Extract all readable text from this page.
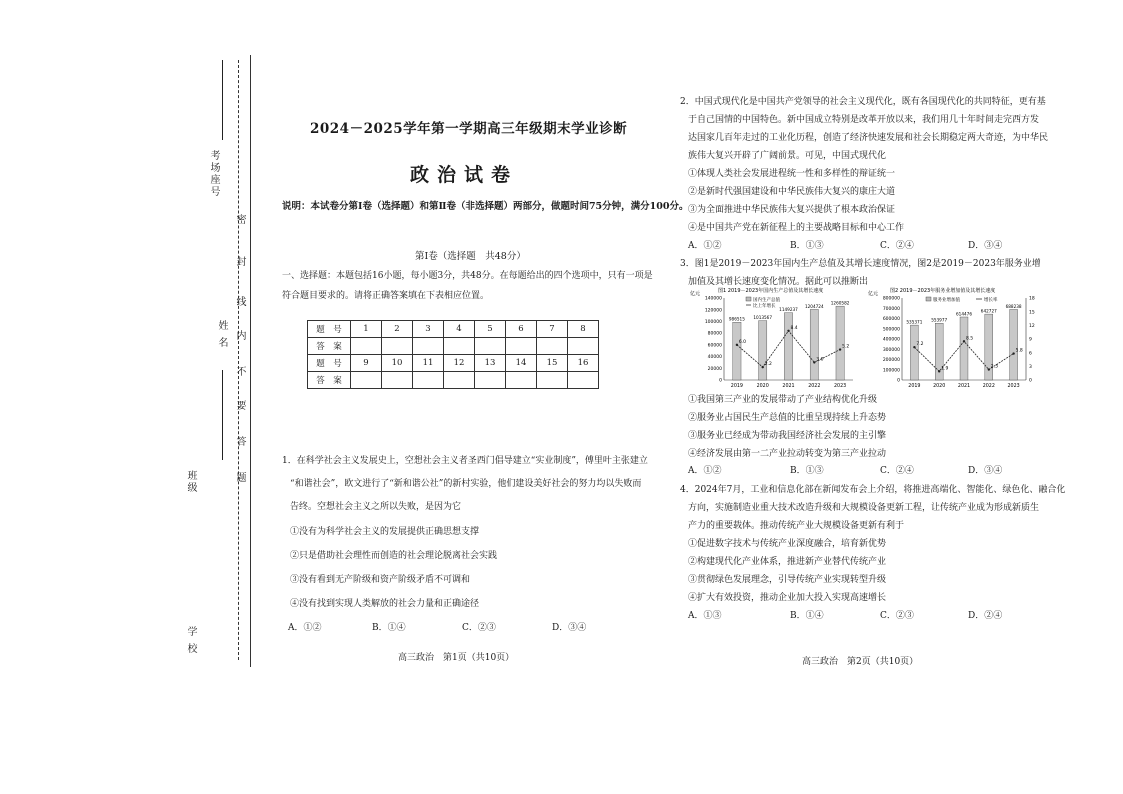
考场座号
姓 名
班级
学 校
密
封
线
内
不
要
答
题
2024－2025学年第一学期高三年级期末学业诊断
政治试卷
说明：本试卷分第Ⅰ卷（选择题）和第Ⅱ卷（非选择题）两部分，做题时间75分钟，满分100分。
第Ⅰ卷（选择题　共48分）
一、选择题：本题包括16小题，每小题3分，共48分。在每题给出的四个选项中，只有一项是
符合题目要求的。请将正确答案填在下表相应位置。
题　号	1	2	3	4	5	6	7	8
答　案								
题　号	9	10	11	12	13	14	15	16
答　案								
1．在科学社会主义发展史上，空想社会主义者圣西门倡导建立“实业制度”，傅里叶主张建立
“和谐社会”，欧文进行了“新和谐公社”的新村实验，他们建设美好社会的努力均以失败而
告终。空想社会主义之所以失败，是因为它
①没有为科学社会主义的发展提供正确思想支撑
②只是借助社会理性而创造的社会理论脱离社会实践
③没有看到无产阶级和资产阶级矛盾不可调和
④没有找到实现人类解放的社会力量和正确途径
A．①②	B．①④	C．②③	D．③④
高三政治　第1页（共10页）
2．中国式现代化是中国共产党领导的社会主义现代化，既有各国现代化的共同特征，更有基
于自己国情的中国特色。新中国成立特别是改革开放以来，我们用几十年时间走完西方发
达国家几百年走过的工业化历程，创造了经济快速发展和社会长期稳定两大奇迹，为中华民
族伟大复兴开辟了广阔前景。可见，中国式现代化
①体现人类社会发展进程统一性和多样性的辩证统一
②是新时代强国建设和中华民族伟大复兴的康庄大道
③为全面推进中华民族伟大复兴提供了根本政治保证
④是中国共产党在新征程上的主要战略目标和中心工作
A．①②	B．①③	C．②④	D．③④
3．图1是2019－2023年国内生产总值及其增长速度情况，图2是2019－2023年服务业增
加值及其增长速度变化情况。据此可以推断出
图1 2019－2023年国内生产总值及其增长速度
国内生产总值
比上年增长
亿元
140000
120000
100000
80000
60000
40000
20000
0
986515
2019
1013567
2020
1149237
2021
1204724
2022
1260582
2023
6.0
2.2
8.4
3.0
5.2
图2 2019－2023年服务业增加值及其增长速度
服务业增加值	增长率
亿元
800000
700000
600000
500000
400000
300000
200000
100000
0
18
15
12
9
6
3
0
535371
2019
553977
2020
614476
2021
642727
2022
688238
2023
7.2
1.9
8.5
2.3
5.8
①我国第三产业的发展带动了产业结构优化升级
②服务业占国民生产总值的比重呈现持续上升态势
③服务业已经成为带动我国经济社会发展的主引擎
④经济发展由第一二产业拉动转变为第三产业拉动
A．①②	B．①③	C．②④	D．③④
4．2024年7月，工业和信息化部在新闻发布会上介绍，将推进高端化、智能化、绿色化、融合化
方向，实施制造业重大技术改造升级和大规模设备更新工程，让传统产业成为形成新质生
产力的重要载体。推动传统产业大规模设备更新有利于
①促进数字技术与传统产业深度融合，培育新优势
②构建现代化产业体系，推进新产业替代传统产业
③贯彻绿色发展理念，引导传统产业实现转型升级
④扩大有效投资，推动企业加大投入实现高速增长
A．①③	B．①④	C．②③	D．②④
高三政治　第2页（共10页）
